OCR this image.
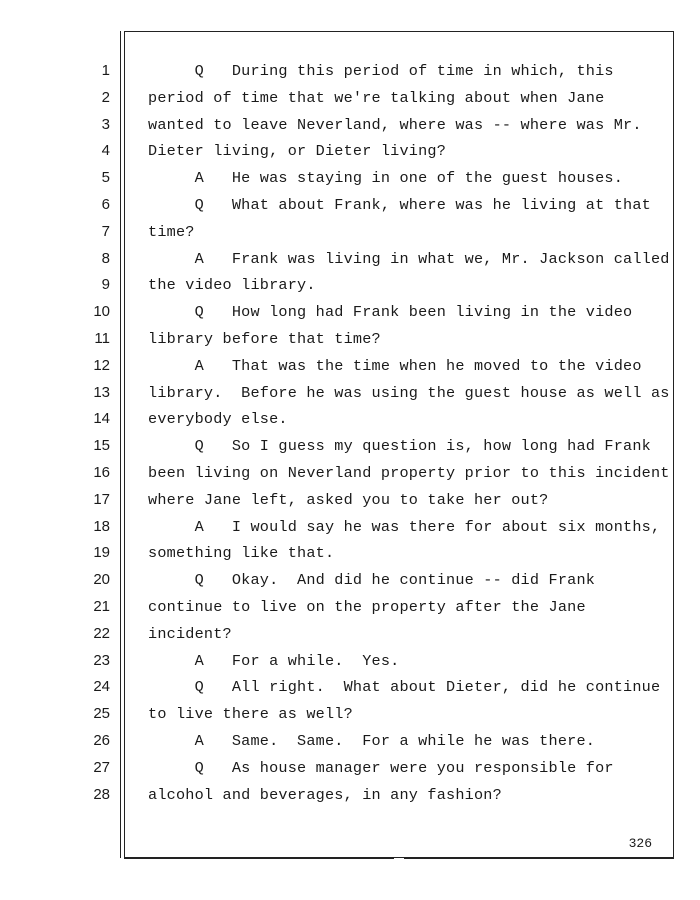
1
2
3
4
5
6
7
8
9
10
11
12
13
14
15
16
17
18
19
20
21
22
23
24
25
26
27
28
Q   During this period of time in which, this
period of time that we're talking about when Jane
wanted to leave Neverland, where was -- where was Mr.
Dieter living, or Dieter living?
A   He was staying in one of the guest houses.
Q   What about Frank, where was he living at that
time?
A   Frank was living in what we, Mr. Jackson called
the video library.
Q   How long had Frank been living in the video
library before that time?
A   That was the time when he moved to the video
library.  Before he was using the guest house as well as
everybody else.
Q   So I guess my question is, how long had Frank
been living on Neverland property prior to this incident
where Jane left, asked you to take her out?
A   I would say he was there for about six months,
something like that.
Q   Okay.  And did he continue -- did Frank
continue to live on the property after the Jane
incident?
A   For a while.  Yes.
Q   All right.  What about Dieter, did he continue
to live there as well?
A   Same.  Same.  For a while he was there.
Q   As house manager were you responsible for
alcohol and beverages, in any fashion?
326
